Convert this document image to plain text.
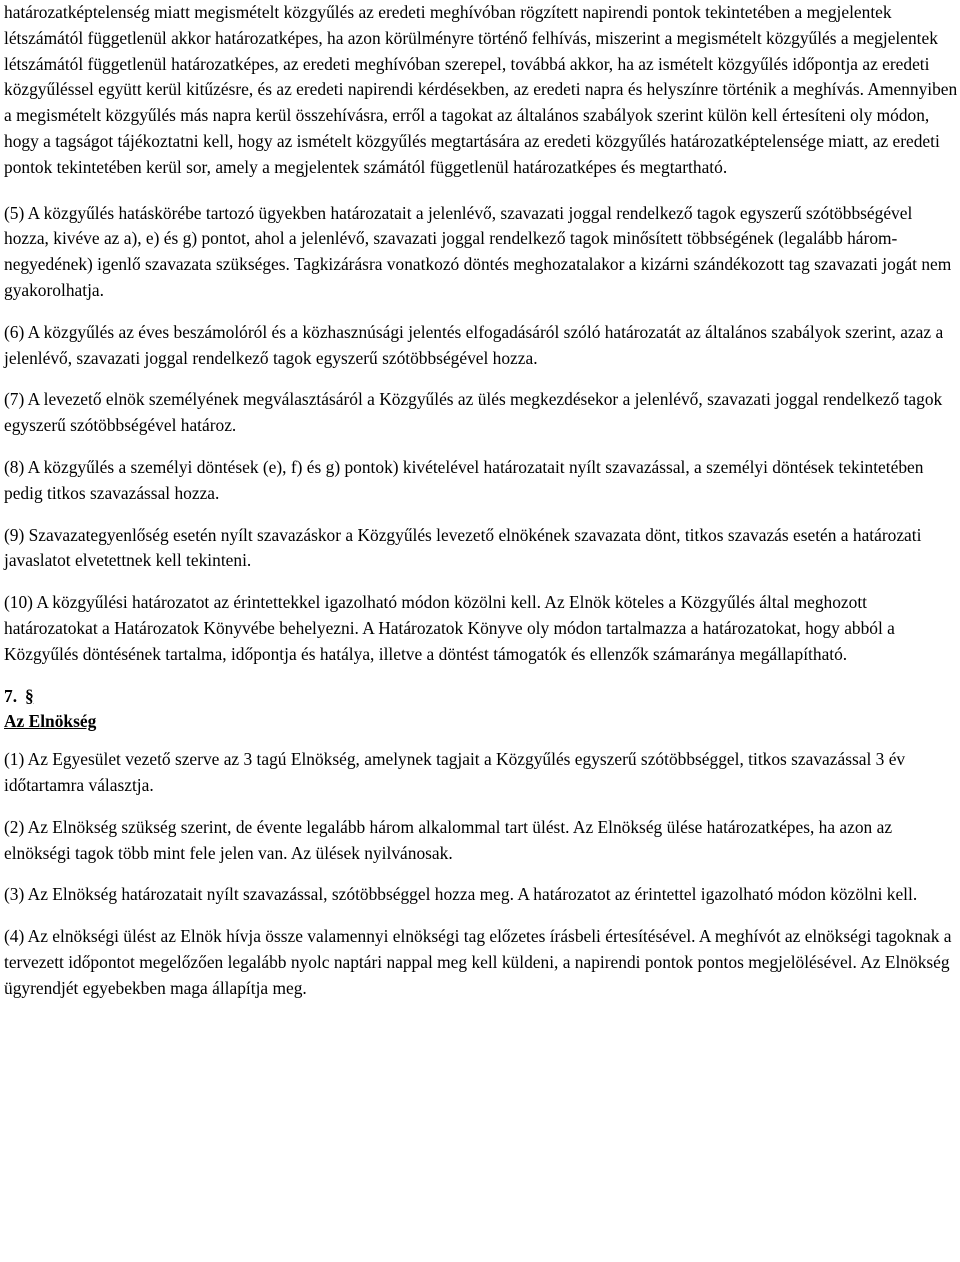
határozatképtelenség miatt megismételt közgyűlés az eredeti meghívóban rögzített napirendi pontok tekintetében a megjelentek létszámától függetlenül akkor határozatképes, ha azon körülményre történő felhívás, miszerint a megismételt közgyűlés a megjelentek létszámától függetlenül határozatképes, az eredeti meghívóban szerepel, továbbá akkor, ha az ismételt közgyűlés időpontja az eredeti közgyűléssel együtt kerül kitűzésre, és az eredeti napirendi kérdésekben, az eredeti napra és helyszínre történik a meghívás. Amennyiben a megismételt közgyűlés más napra kerül összehívásra, erről a tagokat az általános szabályok szerint külön kell értesíteni oly módon, hogy a tagságot tájékoztatni kell, hogy az ismételt közgyűlés megtartására az eredeti közgyűlés határozatképtelensége miatt, az eredeti pontok tekintetében kerül sor, amely a megjelentek számától függetlenül határozatképes és megtartható.

(5) A közgyűlés hatáskörébe tartozó ügyekben határozatait a jelenlévő, szavazati joggal rendelkező tagok egyszerű szótöbbségével hozza, kivéve az a), e) és g) pontot, ahol a jelenlévő, szavazati joggal rendelkező tagok minősített többségének (legalább három-negyedének) igenlő szavazata szükséges. Tagkizárásra vonatkozó döntés meghozatalakor a kizárni szándékozott tag szavazati jogát nem gyakorolhatja.

(6) A közgyűlés az éves beszámolóról és a közhasznúsági jelentés elfogadásáról szóló határozatát az általános szabályok szerint, azaz a jelenlévő, szavazati joggal rendelkező tagok egyszerű szótöbbségével hozza.

(7) A levezető elnök személyének megválasztásáról a Közgyűlés az ülés megkezdésekor a jelenlévő, szavazati joggal rendelkező tagok egyszerű szótöbbségével határoz.

(8) A közgyűlés a személyi döntések (e), f) és g) pontok) kivételével határozatait nyílt szavazással, a személyi döntések tekintetében pedig titkos szavazással hozza.

(9) Szavazategyenlőség esetén nyílt szavazáskor a Közgyűlés levezető elnökének szavazata dönt, titkos szavazás esetén a határozati javaslatot elvetettnek kell tekinteni.

(10) A közgyűlési határozatot az érintettekkel igazolható módon közölni kell. Az Elnök köteles a Közgyűlés által meghozott határozatokat a Határozatok Könyvébe behelyezni. A Határozatok Könyve oly módon tartalmazza a határozatokat, hogy abból a Közgyűlés döntésének tartalma, időpontja és hatálya, illetve a döntést támogatók és ellenzők számaránya megállapítható.

7. §
Az Elnökség

(1) Az Egyesület vezető szerve az 3 tagú Elnökség, amelynek tagjait a Közgyűlés egyszerű szótöbbséggel, titkos szavazással 3 év időtartamra választja.

(2) Az Elnökség szükség szerint, de évente legalább három alkalommal tart ülést. Az Elnökség ülése határozatképes, ha azon az elnökségi tagok több mint fele jelen van. Az ülések nyilvánosak.

(3) Az Elnökség határozatait nyílt szavazással, szótöbbséggel hozza meg. A határozatot az érintettel igazolható módon közölni kell.

(4) Az elnökségi ülést az Elnök hívja össze valamennyi elnökségi tag előzetes írásbeli értesítésével. A meghívót az elnökségi tagoknak a tervezett időpontot megelőzően legalább nyolc naptári nappal meg kell küldeni, a napirendi pontok pontos megjelölésével. Az Elnökség ügyrendjét egyebekben maga állapítja meg.
